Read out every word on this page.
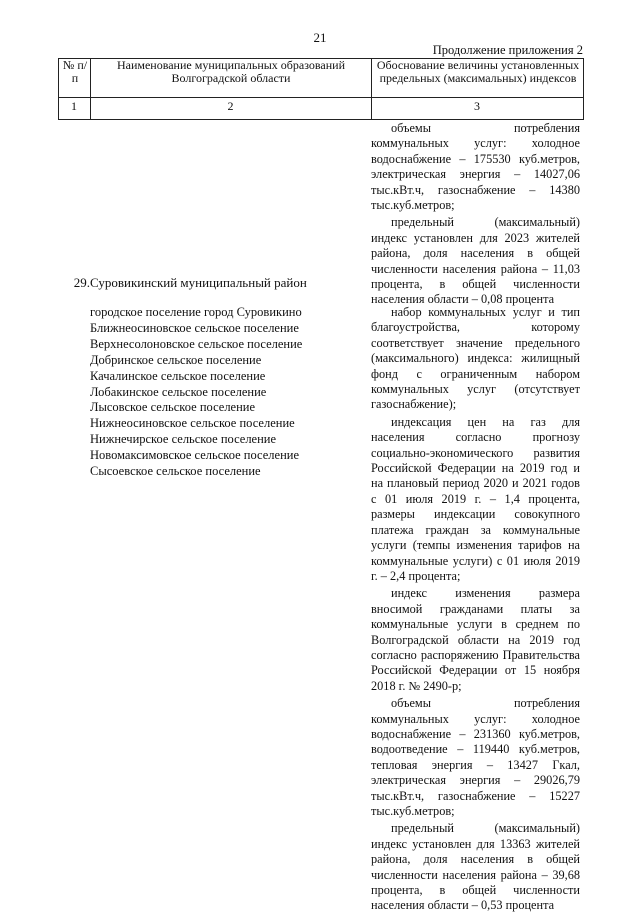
21
Продолжение приложения 2
№ п/п
Наименование муниципальных образований Волгоградской области
Обоснование величины установленных предельных (максимальных) индексов
1	2	3

объемы потребления коммунальных услуг: холодное водоснабжение – 175530 куб.метров, электрическая энергия – 14027,06 тыс.кВт.ч, газоснабжение – 14380 тыс.куб.метров;

предельный (максимальный) индекс установлен для 2023 жителей района, доля населения в общей численности населения района – 11,03 процента, в общей численности населения области – 0,08 процента

29. Суровикинский муниципальный район
городское поселение город Суровикино
Ближнеосиновское сельское поселение
Верхнесолоновское сельское поселение
Добринское сельское поселение
Качалинское сельское поселение
Лобакинское сельское поселение
Лысовское сельское поселение
Нижнеосиновское сельское поселение
Нижнечирское сельское поселение
Новомаксимовское сельское поселение
Сысоевское сельское поселение

набор коммунальных услуг и тип благоустройства, которому соответствует значение предельного (максимального) индекса: жилищный фонд с ограниченным набором коммунальных услуг (отсутствует газоснабжение);

индексация цен на газ для населения согласно прогнозу социально-экономического развития Российской Федерации на 2019 год и на плановый период 2020 и 2021 годов с 01 июля 2019 г. – 1,4 процента, размеры индексации совокупного платежа граждан за коммунальные услуги (темпы изменения тарифов на коммунальные услуги) с 01 июля 2019 г. – 2,4 процента;

индекс изменения размера вносимой гражданами платы за коммунальные услуги в среднем по Волгоградской области на 2019 год согласно распоряжению Правительства Российской Федерации от 15 ноября 2018 г. № 2490-р;

объемы потребления коммунальных услуг: холодное водоснабжение – 231360 куб.метров, водоотведение – 119440 куб.метров, тепловая энергия – 13427 Гкал, электрическая энергия – 29026,79 тыс.кВт.ч, газоснабжение – 15227 тыс.куб.метров;

предельный (максимальный) индекс установлен для 13363 жителей района, доля населения в общей численности населения района – 39,68 процента, в общей численности населения области – 0,53 процента
